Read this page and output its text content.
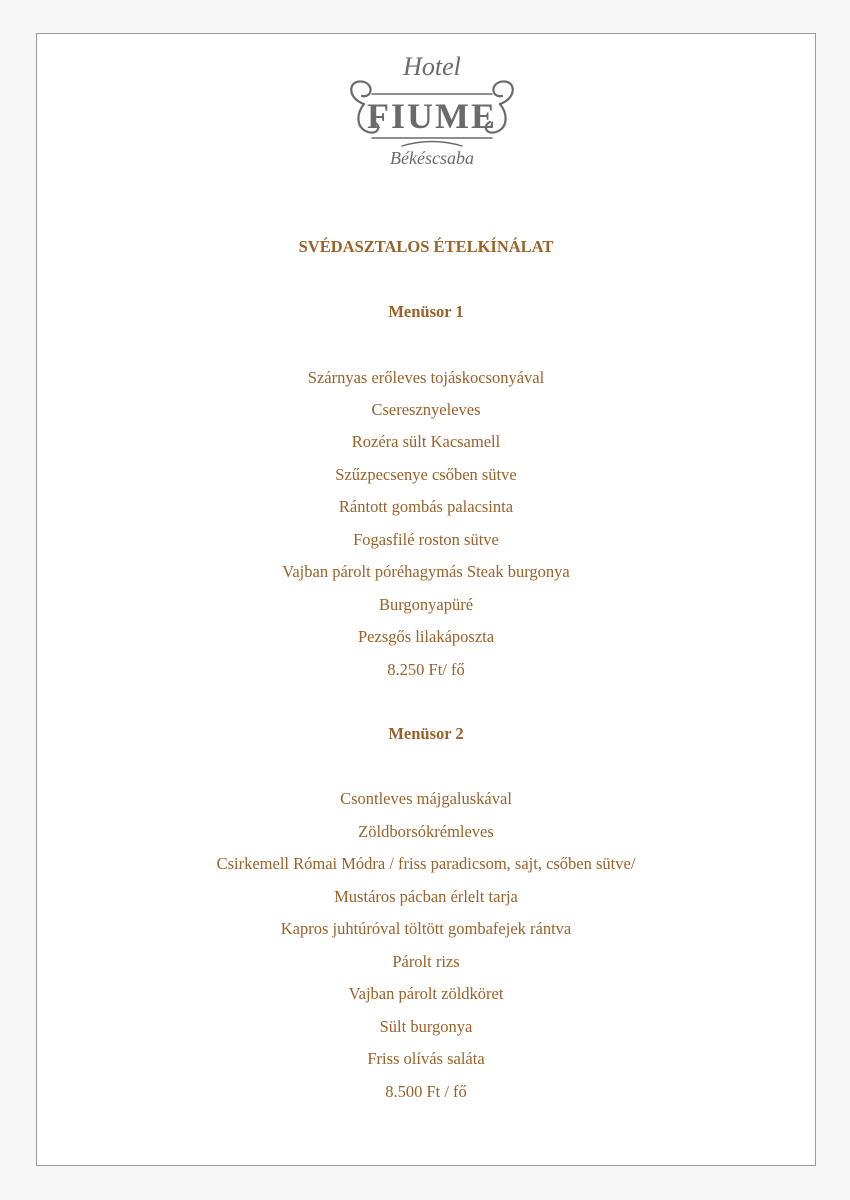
Hotel
FIUME
Békéscsaba
SVÉDASZTALOS ÉTELKÍNÁLAT
Menüsor 1
Szárnyas erőleves tojáskocsonyával
Cseresznyeleves
Rozéra sült Kacsamell
Szűzpecsenye csőben sütve
Rántott gombás palacsinta
Fogasfilé roston sütve
Vajban párolt póréhagymás Steak burgonya
Burgonyapüré
Pezsgős lilakáposzta
8.250 Ft/ fő
Menüsor 2
Csontleves májgaluskával
Zöldborsókrémleves
Csirkemell Római Módra / friss paradicsom, sajt, csőben sütve/
Mustáros pácban érlelt tarja
Kapros juhtúróval töltött gombafejek rántva
Párolt rizs
Vajban párolt zöldköret
Sült burgonya
Friss olívás saláta
8.500 Ft / fő
